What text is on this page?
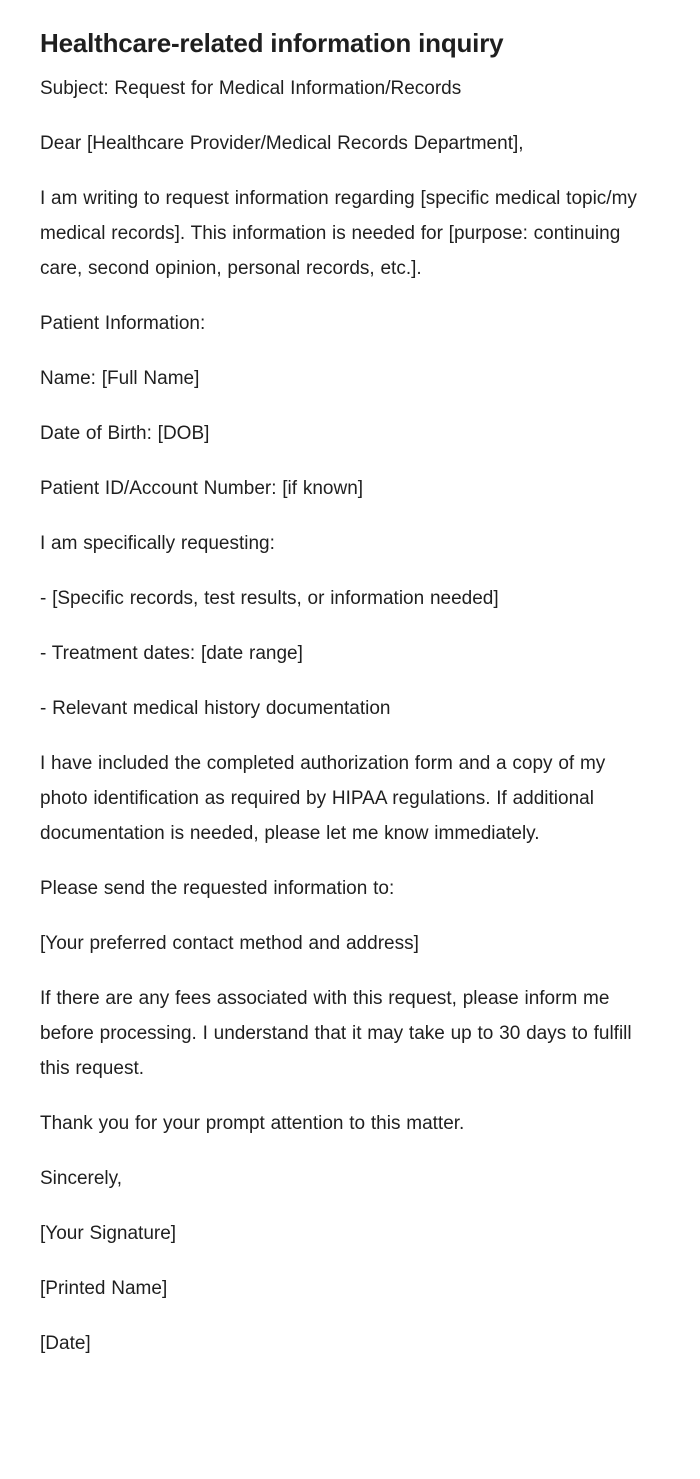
Healthcare-related information inquiry

Subject: Request for Medical Information/Records

Dear [Healthcare Provider/Medical Records Department],

I am writing to request information regarding [specific medical topic/my medical records]. This information is needed for [purpose: continuing care, second opinion, personal records, etc.].

Patient Information:

Name: [Full Name]

Date of Birth: [DOB]

Patient ID/Account Number: [if known]

I am specifically requesting:

- [Specific records, test results, or information needed]

- Treatment dates: [date range]

- Relevant medical history documentation

I have included the completed authorization form and a copy of my photo identification as required by HIPAA regulations. If additional documentation is needed, please let me know immediately.

Please send the requested information to:

[Your preferred contact method and address]

If there are any fees associated with this request, please inform me before processing. I understand that it may take up to 30 days to fulfill this request.

Thank you for your prompt attention to this matter.

Sincerely,

[Your Signature]

[Printed Name]

[Date]
